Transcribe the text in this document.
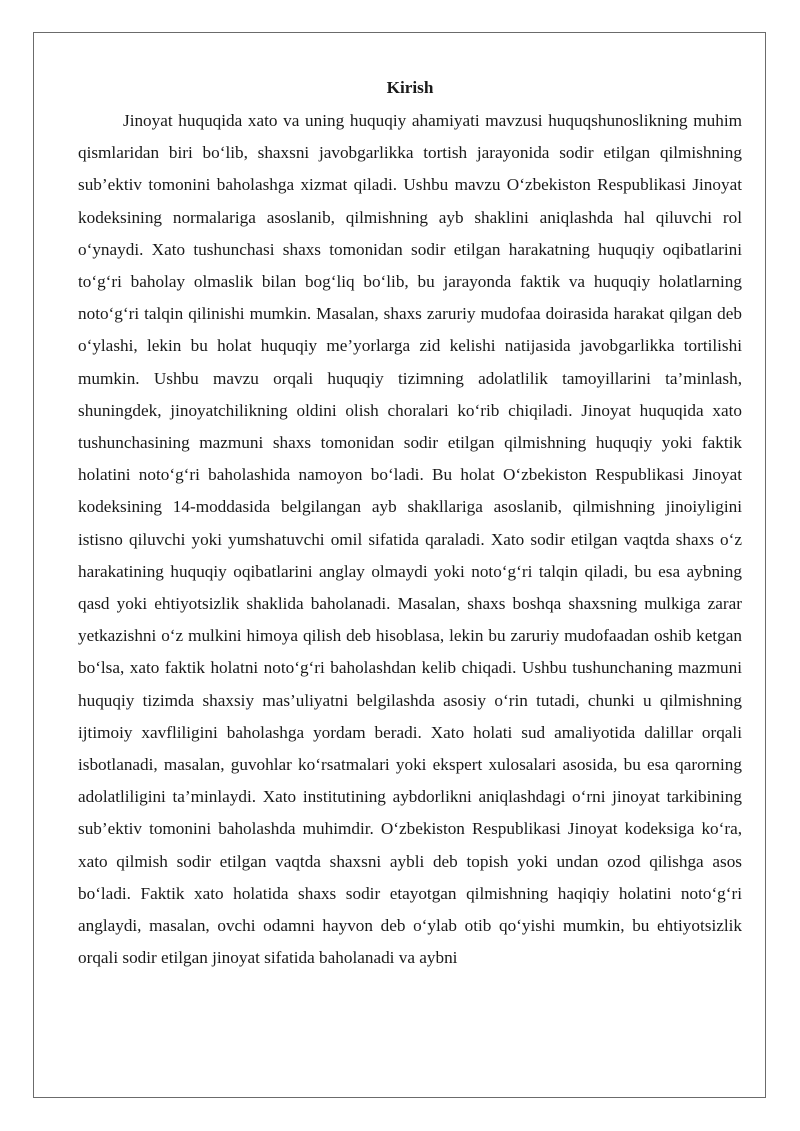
Kirish

Jinoyat huquqida xato va uning huquqiy ahamiyati mavzusi huquqshunoslikning muhim qismlaridan biri bo‘lib, shaxsni javobgarlikka tortish jarayonida sodir etilgan qilmishning sub’ektiv tomonini baholashga xizmat qiladi. Ushbu mavzu O‘zbekiston Respublikasi Jinoyat kodeksining normalariga asoslanib, qilmishning ayb shaklini aniqlashda hal qiluvchi rol o‘ynaydi. Xato tushunchasi shaxs tomonidan sodir etilgan harakatning huquqiy oqibatlarini to‘g‘ri baholay olmaslik bilan bog‘liq bo‘lib, bu jarayonda faktik va huquqiy holatlarning noto‘g‘ri talqin qilinishi mumkin. Masalan, shaxs zaruriy mudofaa doirasida harakat qilgan deb o‘ylashi, lekin bu holat huquqiy me’yorlarga zid kelishi natijasida javobgarlikka tortilishi mumkin. Ushbu mavzu orqali huquqiy tizimning adolatlilik tamoyillarini ta’minlash, shuningdek, jinoyatchilikning oldini olish choralari ko‘rib chiqiladi. Jinoyat huquqida xato tushunchasining mazmuni shaxs tomonidan sodir etilgan qilmishning huquqiy yoki faktik holatini noto‘g‘ri baholashida namoyon bo‘ladi. Bu holat O‘zbekiston Respublikasi Jinoyat kodeksining 14-moddasida belgilangan ayb shakllariga asoslanib, qilmishning jinoiyligini istisno qiluvchi yoki yumshatuvchi omil sifatida qaraladi. Xato sodir etilgan vaqtda shaxs o‘z harakatining huquqiy oqibatlarini anglay olmaydi yoki noto‘g‘ri talqin qiladi, bu esa aybning qasd yoki ehtiyotsizlik shaklida baholanadi. Masalan, shaxs boshqa shaxsning mulkiga zarar yetkazishni o‘z mulkini himoya qilish deb hisoblasa, lekin bu zaruriy mudofaadan oshib ketgan bo‘lsa, xato faktik holatni noto‘g‘ri baholashdan kelib chiqadi. Ushbu tushunchaning mazmuni huquqiy tizimda shaxsiy mas’uliyatni belgilashda asosiy o‘rin tutadi, chunki u qilmishning ijtimoiy xavfliligini baholashga yordam beradi. Xato holati sud amaliyotida dalillar orqali isbotlanadi, masalan, guvohlar ko‘rsatmalari yoki ekspert xulosalari asosida, bu esa qarorning adolatliligini ta’minlaydi. Xato institutining aybdorlikni aniqlashdagi o‘rni jinoyat tarkibining sub’ektiv tomonini baholashda muhimdir. O‘zbekiston Respublikasi Jinoyat kodeksiga ko‘ra, xato qilmish sodir etilgan vaqtda shaxsni aybli deb topish yoki undan ozod qilishga asos bo‘ladi. Faktik xato holatida shaxs sodir etayotgan qilmishning haqiqiy holatini noto‘g‘ri anglaydi, masalan, ovchi odamni hayvon deb o‘ylab otib qo‘yishi mumkin, bu ehtiyotsizlik orqali sodir etilgan jinoyat sifatida baholanadi va aybni
